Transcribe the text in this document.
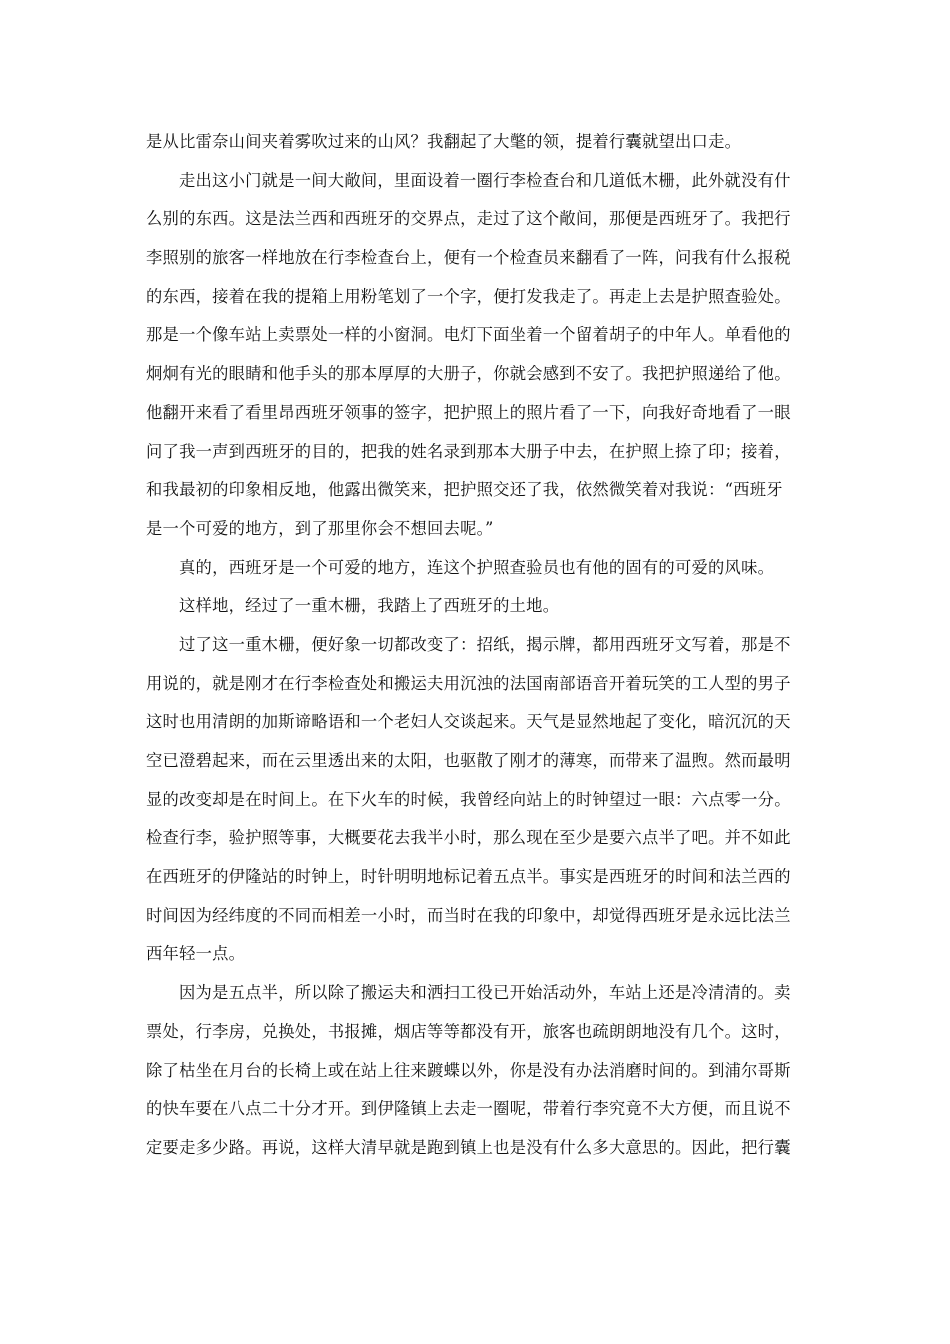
是从比雷奈山间夹着雾吹过来的山风？我翻起了大氅的领，提着行囊就望出口走。
走出这小门就是一间大敞间，里面设着一圈行李检查台和几道低木栅，此外就没有什
么别的东西。这是法兰西和西班牙的交界点，走过了这个敞间，那便是西班牙了。我把行
李照别的旅客一样地放在行李检查台上，便有一个检查员来翻看了一阵，问我有什么报税
的东西，接着在我的提箱上用粉笔划了一个字，便打发我走了。再走上去是护照查验处。
那是一个像车站上卖票处一样的小窗洞。电灯下面坐着一个留着胡子的中年人。单看他的
炯炯有光的眼睛和他手头的那本厚厚的大册子，你就会感到不安了。我把护照递给了他。
他翻开来看了看里昂西班牙领事的签字，把护照上的照片看了一下，向我好奇地看了一眼
问了我一声到西班牙的目的，把我的姓名录到那本大册子中去，在护照上捺了印；接着，
和我最初的印象相反地，他露出微笑来，把护照交还了我，依然微笑着对我说：“西班牙
是一个可爱的地方，到了那里你会不想回去呢。”
真的，西班牙是一个可爱的地方，连这个护照查验员也有他的固有的可爱的风味。
这样地，经过了一重木栅，我踏上了西班牙的土地。
过了这一重木栅，便好象一切都改变了：招纸，揭示牌，都用西班牙文写着，那是不
用说的，就是刚才在行李检查处和搬运夫用沉浊的法国南部语音开着玩笑的工人型的男子
这时也用清朗的加斯谛略语和一个老妇人交谈起来。天气是显然地起了变化，暗沉沉的天
空已澄碧起来，而在云里透出来的太阳，也驱散了刚才的薄寒，而带来了温煦。然而最明
显的改变却是在时间上。在下火车的时候，我曾经向站上的时钟望过一眼：六点零一分。
检查行李，验护照等事，大概要花去我半小时，那么现在至少是要六点半了吧。并不如此
在西班牙的伊隆站的时钟上，时针明明地标记着五点半。事实是西班牙的时间和法兰西的
时间因为经纬度的不同而相差一小时，而当时在我的印象中，却觉得西班牙是永远比法兰
西年轻一点。
因为是五点半，所以除了搬运夫和洒扫工役已开始活动外，车站上还是冷清清的。卖
票处，行李房，兑换处，书报摊，烟店等等都没有开，旅客也疏朗朗地没有几个。这时，
除了枯坐在月台的长椅上或在站上往来踱蝶以外，你是没有办法消磨时间的。到浦尔哥斯
的快车要在八点二十分才开。到伊隆镇上去走一圈呢，带着行李究竟不大方便，而且说不
定要走多少路。再说，这样大清早就是跑到镇上也是没有什么多大意思的。因此，把行囊
